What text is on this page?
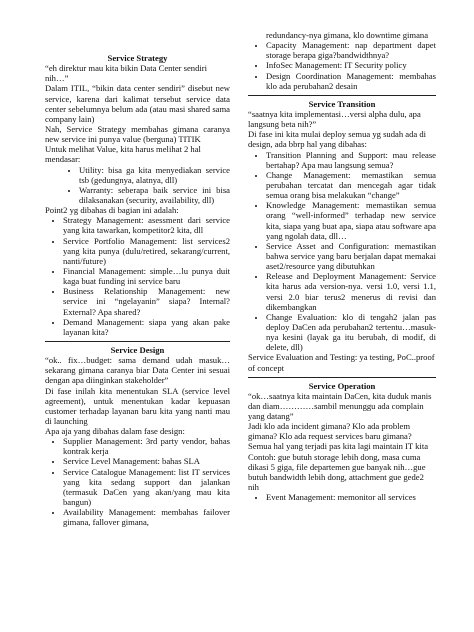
Service Strategy

“eh direktur mau kita bikin Data Center sendiri nih…”

Dalam ITIL, “bikin data center sendiri” disebut new service, karena dari kalimat tersebut service data center sebelumnya belum ada (atau masi shared sama company lain)

Nah, Service Strategy membahas gimana caranya new service ini punya value (berguna) TITIK

Untuk melihat Value, kita harus melihat 2 hal mendasar:

• Utility: bisa ga kita menyediakan service tsb (gedungnya, alatnya, dll)
• Warranty: seberapa baik service ini bisa dilaksanakan (security, availability, dll)

Point2 yg dibahas di bagian ini adalah:

• Strategy Management: asessment dari service yang kita tawarkan, kompetitor2 kita, dll
• Service Portfolio Management: list services2 yang kita punya (dulu/retired, sekarang/current, nanti/future)
• Financial Management: simple…lu punya duit kaga buat funding ini service baru
• Business Relationship Management: new service ini “ngelayanin” siapa? Internal? External? Apa shared?
• Demand Management: siapa yang akan pake layanan kita?

Service Design

“ok.. fix…budget: sama demand udah masuk…sekarang gimana caranya biar Data Center ini sesuai dengan apa diinginkan stakeholder”

Di fase inilah kita menentukan SLA (service level agreement), untuk menentukan kadar kepuasan customer terhadap layanan baru kita yang nanti mau di launching

Apa aja yang dibahas dalam fase design:

• Supplier Management: 3rd party vendor, bahas kontrak kerja
• Service Level Management: bahas SLA
• Service Catalogue Management: list IT services yang kita sedang support dan jalankan (termasuk DaCen yang akan/yang mau kita bangun)
• Availability Management: membahas failover gimana, fallover gimana,

redundancy-nya gimana, klo downtime gimana

• Capacity Management: nap department dapet storage berapa giga?bandwidthnya?
• InfoSec Management: IT Security policy
• Design Coordination Management: membahas klo ada perubahan2 desain

Service Transition

“saatnya kita implementasi…versi alpha dulu, apa langsung beta nih?”

Di fase ini kita mulai deploy semua yg sudah ada di design, ada bbrp hal yang dibahas:

• Transition Planning and Support: mau release bertahap? Apa mau langsung semua?
• Change Management: memastikan semua perubahan tercatat dan mencegah agar tidak semua orang bisa melakukan “change”
• Knowledge Management: memastikan semua orang “well-informed” terhadap new service kita, siapa yang buat apa, siapa atau software apa yang ngolah data, dll…
• Service Asset and Configuration: memastikan bahwa service yang baru berjalan dapat memakai aset2/resource yang dibutuhkan
• Release and Deployment Management: Service kita harus ada version-nya. versi 1.0, versi 1.1, versi 2.0 biar terus2 menerus di revisi dan dikembangkan
• Change Evaluation: klo di tengah2 jalan pas deploy DaCen ada perubahan2 tertentu…masuk-nya kesini (layak ga itu berubah, di modif, di delete, dll)

Service Evaluation and Testing: ya testing, PoC..proof of concept

Service Operation

“ok…saatnya kita maintain DaCen, kita duduk manis dan diam…………sambil menunggu ada complain yang datang”

Jadi klo ada incident gimana? Klo ada problem gimana? Klo ada request services baru gimana? Semua hal yang terjadi pas kita lagi maintain IT kita

Contoh: gue butuh storage lebih dong, masa cuma dikasi 5 giga, file departemen gue banyak nih…gue butuh bandwidth lebih dong, attachment gue gede2 nih

• Event Management: memonitor all services
